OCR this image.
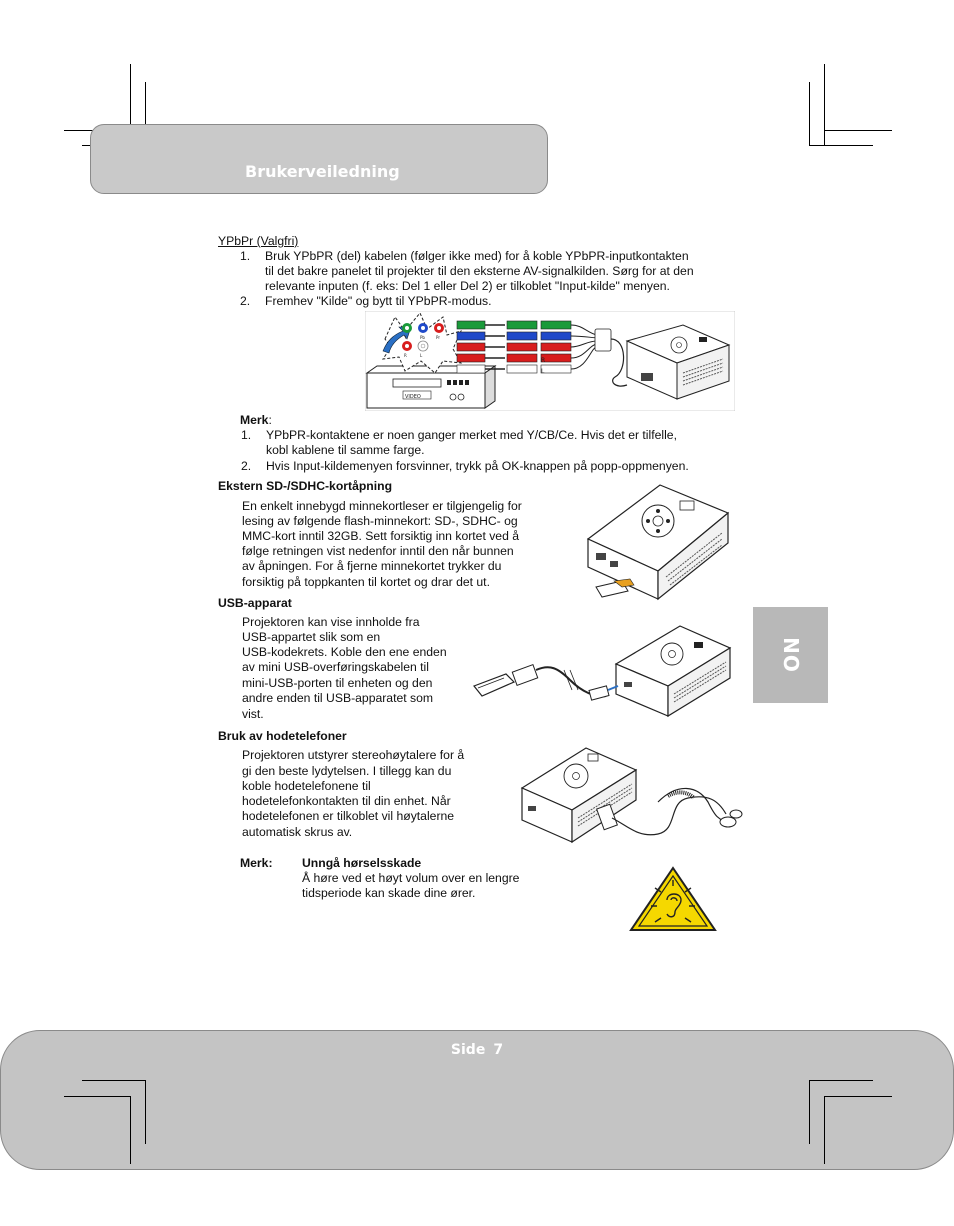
Brukerveiledning
NO
YPbPr (Valgfri)
1. Bruk YPbPR (del) kabelen (følger ikke med) for å koble YPbPR-inputkontakten
til det bakre panelet til projekter til den eksterne AV-signalkilden. Sørg for at den
relevante inputen (f. eks: Del 1 eller Del 2) er tilkoblet "Input-kilde" menyen.
2. Fremhev "Kilde" og bytt til YPbPR-modus.
VIDEO
Y	Pb	Pr
R	L
R
L
Merk:
1. YPbPR-kontaktene er noen ganger merket med Y/CB/Ce. Hvis det er tilfelle,
kobl kablene til samme farge.
2. Hvis Input-kildemenyen forsvinner, trykk på OK-knappen på popp-oppmenyen.
Ekstern SD-/SDHC-kortåpning
En enkelt innebygd minnekortleser er tilgjengelig for
lesing av følgende flash-minnekort: SD-, SDHC- og
MMC-kort inntil 32GB. Sett forsiktig inn kortet ved å
følge retningen vist nedenfor inntil den når bunnen
av åpningen. For å fjerne minnekortet trykker du
forsiktig på toppkanten til kortet og drar det ut.
USB-apparat
Projektoren kan vise innholde fra
USB-appartet slik som en
USB-kodekrets. Koble den ene enden
av mini USB-overføringskabelen til
mini-USB-porten til enheten og den
andre enden til USB-apparatet som
vist.
Bruk av hodetelefoner
Projektoren utstyrer stereohøytalere for å
gi den beste lydytelsen. I tillegg kan du
koble hodetelefonene til
hodetelefonkontakten til din enhet. Når
hodetelefonen er tilkoblet vil høytalerne
automatisk skrus av.
Merk: Unngå hørselsskade
Å høre ved et høyt volum over en lengre
tidsperiode kan skade dine ører.
Side 7
